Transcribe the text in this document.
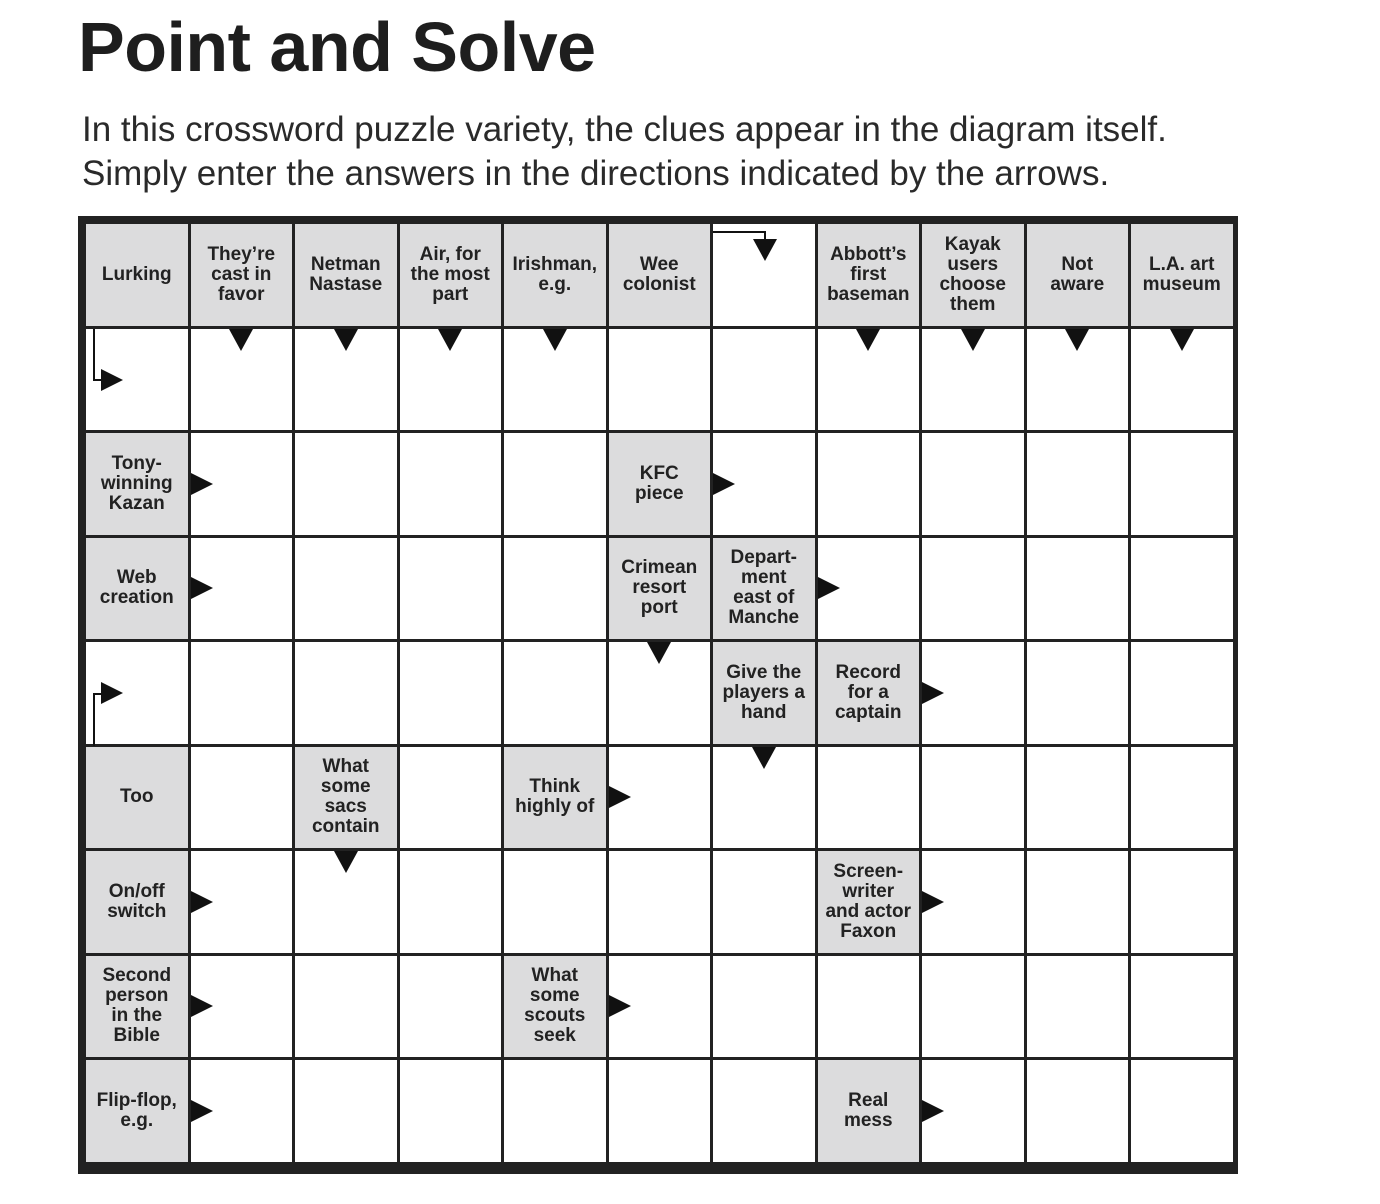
Point and Solve
In this crossword puzzle variety, the clues appear in the diagram itself.
Simply enter the answers in the directions indicated by the arrows.
Lurking
They’re
cast in
favor
Netman
Nastase
Air, for
the most
part
Irishman,
e.g.
Wee
colonist
Abbott’s
first
baseman
Kayak
users
choose
them
Not
aware
L.A. art
museum
Tony-
winning
Kazan
KFC
piece
Web
creation
Crimean
resort
port
Depart-
ment
east of
Manche
Give the
players a
hand
Record
for a
captain
Too
What
some
sacs
contain
Think
highly of
On/off
switch
Screen-
writer
and actor
Faxon
Second
person
in the
Bible
What
some
scouts
seek
Flip-flop,
e.g.
Real
mess
